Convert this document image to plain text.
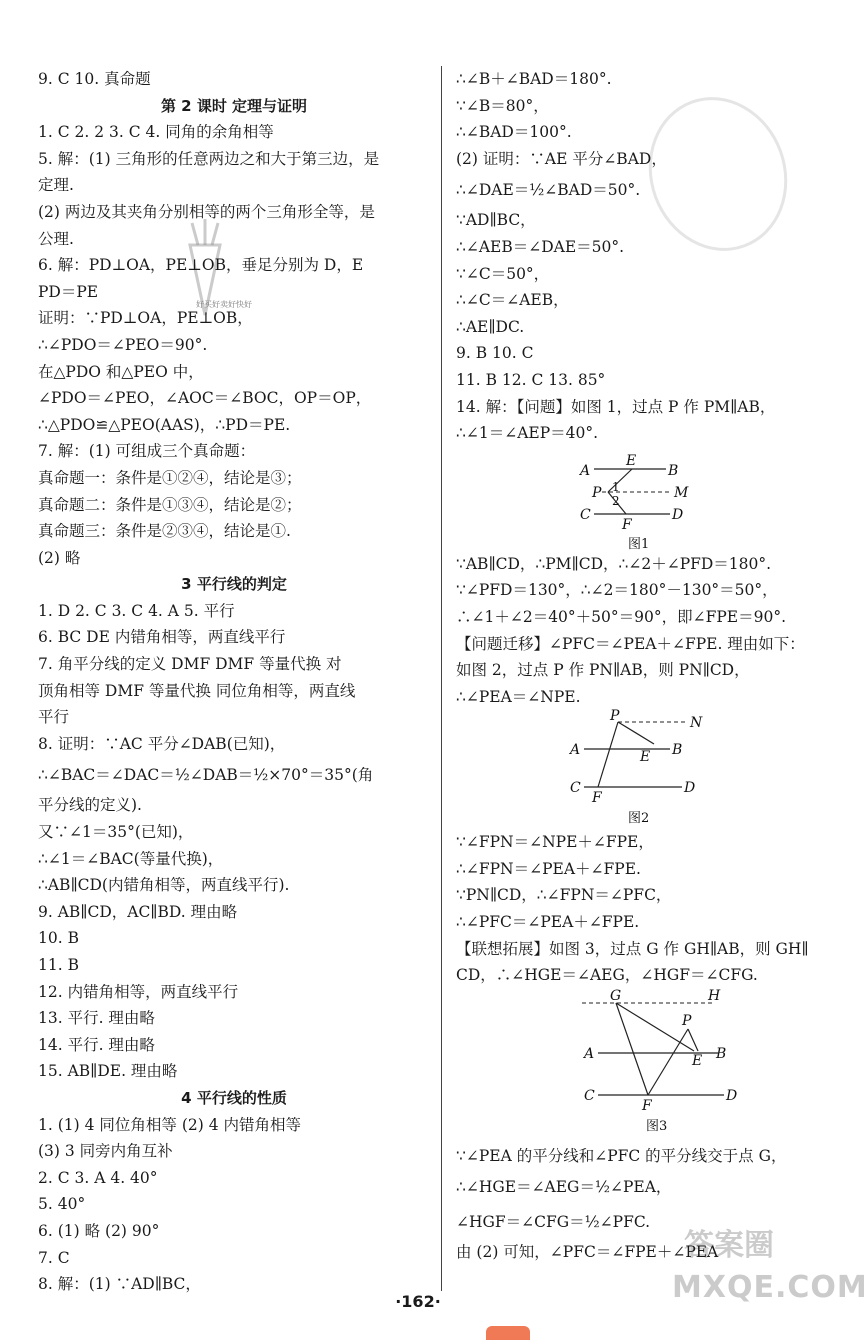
好买好卖好快好
答案圈
MXQE.COM
9. C 10. 真命题
第 2 课时 定理与证明
1. C 2. 2 3. C 4. 同角的余角相等
5. 解：(1) 三角形的任意两边之和大于第三边，是
定理.
(2) 两边及其夹角分别相等的两个三角形全等，是
公理.
6. 解：PD⊥OA，PE⊥OB，垂足分别为 D，E
PD＝PE
证明：∵PD⊥OA，PE⊥OB，
∴∠PDO＝∠PEO＝90°.
在△PDO 和△PEO 中，
∠PDO＝∠PEO，∠AOC＝∠BOC，OP＝OP，
∴△PDO≌△PEO(AAS)，∴PD＝PE.
7. 解：(1) 可组成三个真命题：
真命题一：条件是①②④，结论是③；
真命题二：条件是①③④，结论是②；
真命题三：条件是②③④，结论是①.
(2) 略
3 平行线的判定
1. D 2. C 3. C 4. A 5. 平行
6. BC DE 内错角相等，两直线平行
7. 角平分线的定义 DMF DMF 等量代换 对
顶角相等 DMF 等量代换 同位角相等，两直线
平行
8. 证明：∵AC 平分∠DAB(已知)，
∴∠BAC＝∠DAC＝½∠DAB＝½×70°＝35°(角
平分线的定义).
又∵∠1＝35°(已知)，
∴∠1＝∠BAC(等量代换)，
∴AB∥CD(内错角相等，两直线平行).
9. AB∥CD，AC∥BD. 理由略
10. B
11. B
12. 内错角相等，两直线平行
13. 平行. 理由略
14. 平行. 理由略
15. AB∥DE. 理由略
4 平行线的性质
1. (1) 4 同位角相等 (2) 4 内错角相等
(3) 3 同旁内角互补
2. C 3. A 4. 40°
5. 40°
6. (1) 略 (2) 90°
7. C
8. 解：(1) ∵AD∥BC，
∴∠B＋∠BAD＝180°.
∵∠B＝80°，
∴∠BAD＝100°.
(2) 证明：∵AE 平分∠BAD，
∴∠DAE＝½∠BAD＝50°.
∵AD∥BC，
∴∠AEB＝∠DAE＝50°.
∵∠C＝50°，
∴∠C＝∠AEB，
∴AE∥DC.
9. B 10. C
11. B 12. C 13. 85°
14. 解：【问题】如图 1，过点 P 作 PM∥AB，
∴∠1＝∠AEP＝40°.
A
E
B
P 1
2	M
C
F
D
图1
∵AB∥CD，∴PM∥CD，∴∠2＋∠PFD＝180°.
∵∠PFD＝130°，∴∠2＝180°－130°＝50°，
∴∠1＋∠2＝40°＋50°＝90°，即∠FPE＝90°.
【问题迁移】∠PFC＝∠PEA＋∠FPE. 理由如下：
如图 2，过点 P 作 PN∥AB，则 PN∥CD，
∴∠PEA＝∠NPE.
P	N
A	E B
C
F
D
图2
∵∠FPN＝∠NPE＋∠FPE，
∴∠FPN＝∠PEA＋∠FPE.
∵PN∥CD，∴∠FPN＝∠PFC，
∴∠PFC＝∠PEA＋∠FPE.
【联想拓展】如图 3，过点 G 作 GH∥AB，则 GH∥
CD，∴∠HGE＝∠AEG，∠HGF＝∠CFG.
G	H
P
A	E B
C
F
D
图3
∵∠PEA 的平分线和∠PFC 的平分线交于点 G，
∴∠HGE＝∠AEG＝½∠PEA，
∠HGF＝∠CFG＝½∠PFC.
由 (2) 可知，∠PFC＝∠FPE＋∠PEA
·162·
